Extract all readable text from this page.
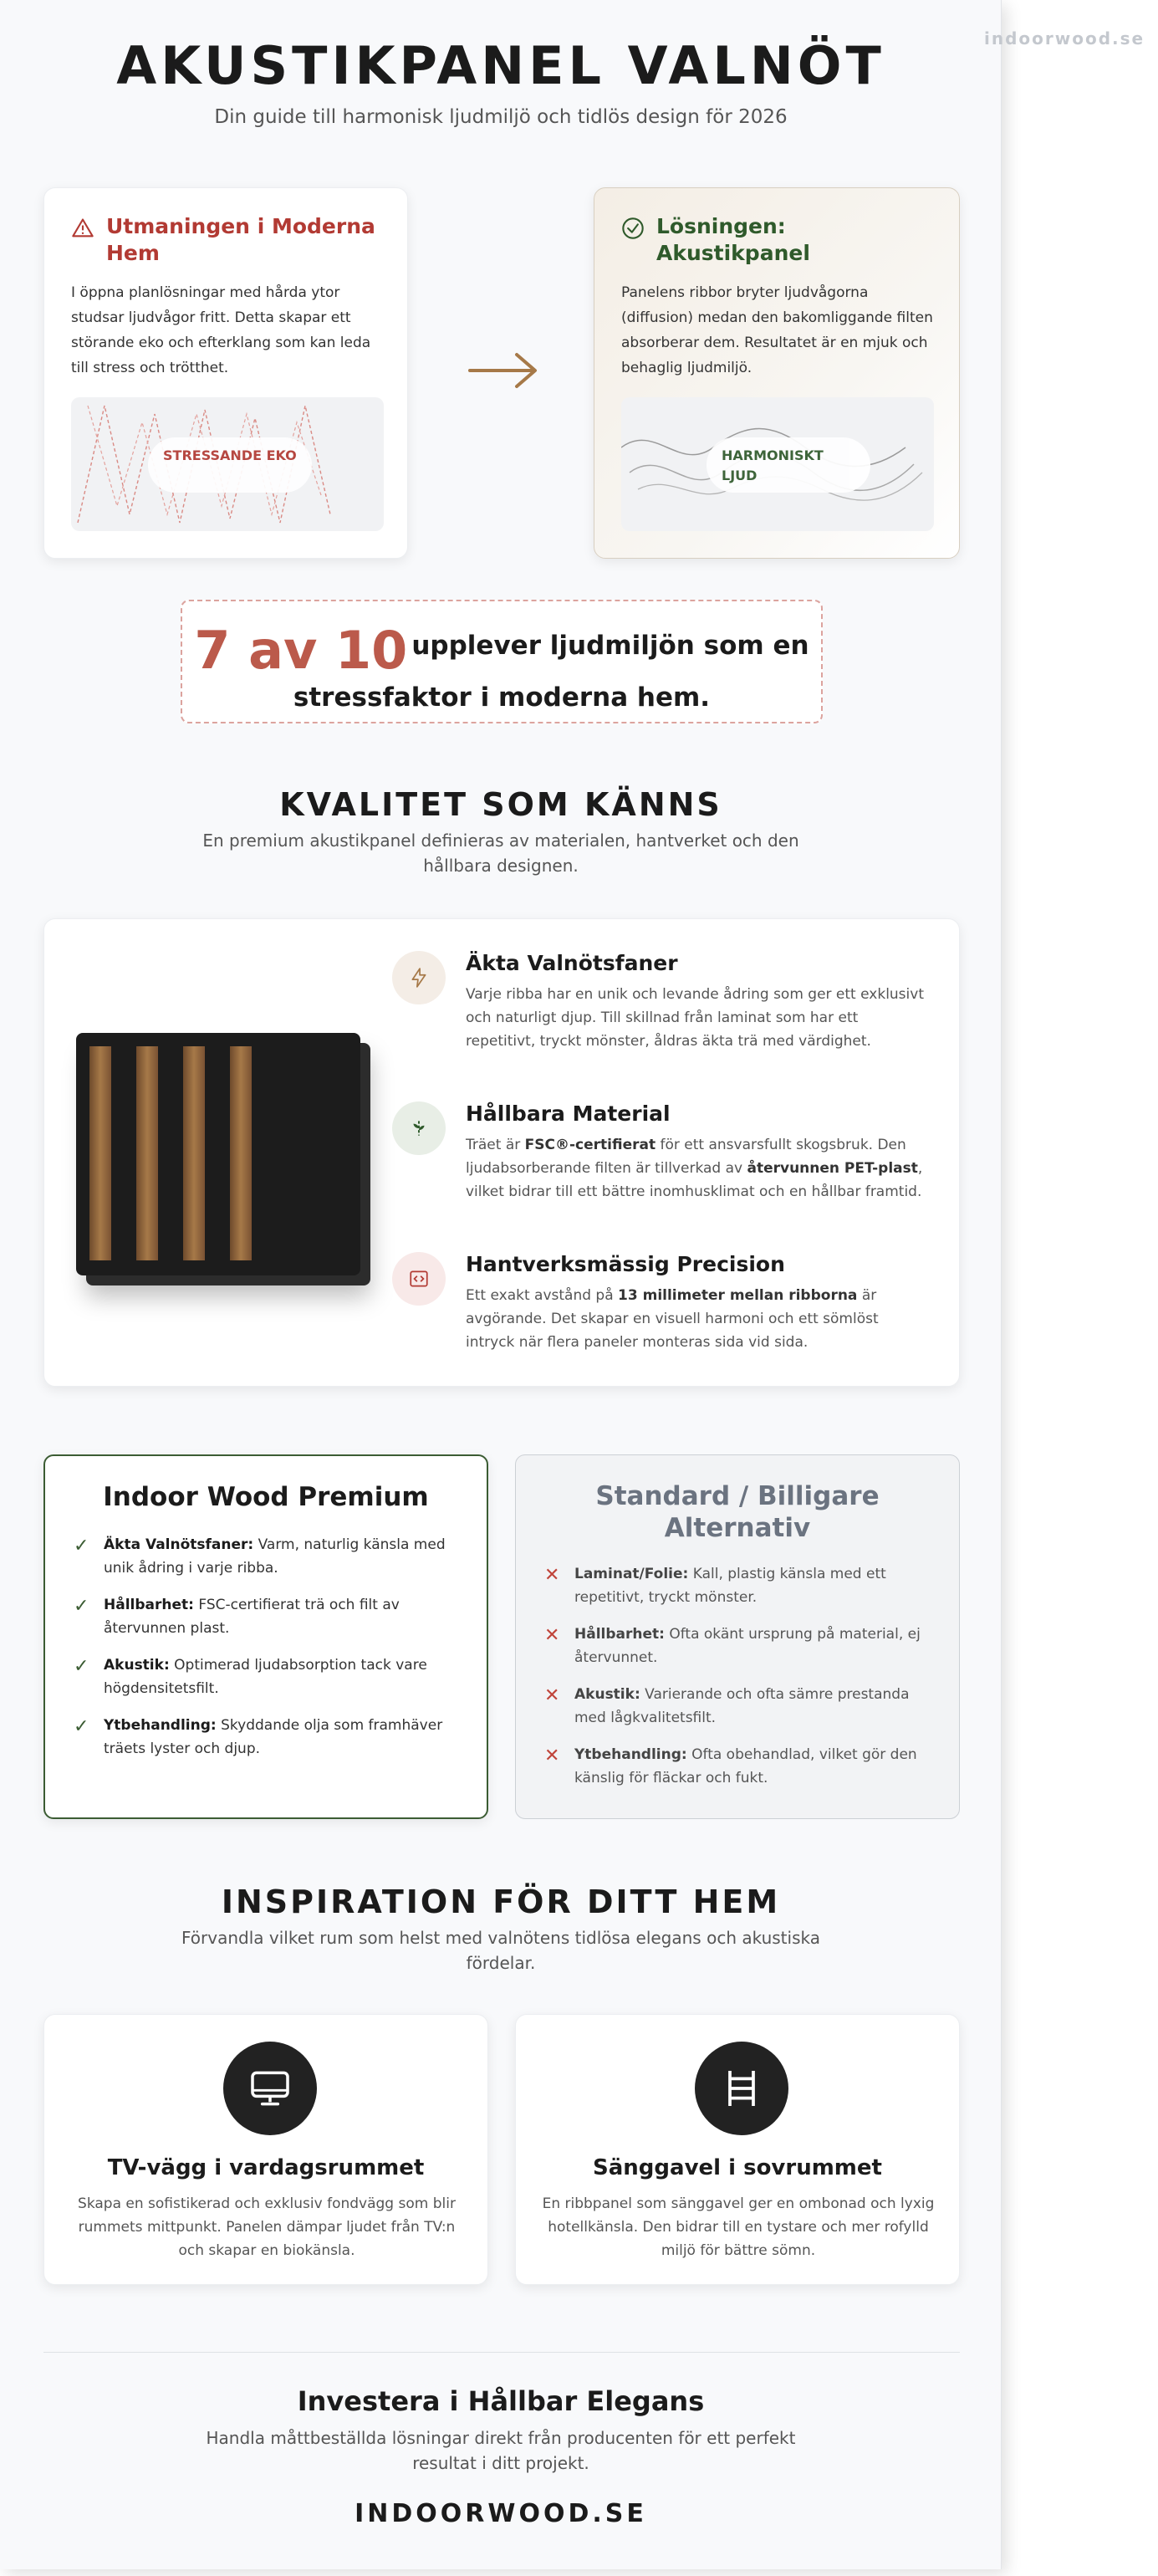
AKUSTIKPANEL VALNÖT
Din guide till harmonisk ljudmiljö och tidlös design för 2026
Utmaningen i Moderna Hem
I öppna planlösningar med hårda ytor studsar ljudvågor fritt. Detta skapar ett störande eko och efterklang som kan leda till stress och trötthet.
STRESSANDE EKO
Lösningen: Akustikpanel
Panelens ribbor bryter ljudvågorna (diffusion) medan den bakomliggande filten absorberar dem. Resultatet är en mjuk och behaglig ljudmiljö.
HARMONISKT LJUD
7 av 10 upplever ljudmiljön som en stressfaktor i moderna hem.
KVALITET SOM KÄNNS
En premium akustikpanel definieras av materialen, hantverket och den hållbara designen.
Äkta Valnötsfaner

Varje ribba har en unik och levande ådring som ger ett exklusivt och naturligt djup. Till skillnad från laminat som har ett repetitivt, tryckt mönster, åldras äkta trä med värdighet.

Hållbara Material

Träet är FSC®-certifierat för ett ansvarsfullt skogsbruk. Den ljudabsorberande filten är tillverkad av återvunnen PET-plast, vilket bidrar till ett bättre inomhusklimat och en hållbar framtid.

Hantverksmässig Precision

Ett exakt avstånd på 13 millimeter mellan ribborna är avgörande. Det skapar en visuell harmoni och ett sömlöst intryck när flera paneler monteras sida vid sida.

Indoor Wood Premium
✓ Äkta Valnötsfaner: Varm, naturlig känsla med unik ådring i varje ribba.
✓ Hållbarhet: FSC-certifierat trä och filt av återvunnen plast.
✓ Akustik: Optimerad ljudabsorption tack vare högdensitetsfilt.
✓ Ytbehandling: Skyddande olja som framhäver träets lyster och djup.
Standard / Billigare Alternativ
✕ Laminat/Folie: Kall, plastig känsla med ett repetitivt, tryckt mönster.
✕ Hållbarhet: Ofta okänt ursprung på material, ej återvunnet.
✕ Akustik: Varierande och ofta sämre prestanda med lågkvalitetsfilt.
✕ Ytbehandling: Ofta obehandlad, vilket gör den känslig för fläckar och fukt.
INSPIRATION FÖR DITT HEM
Förvandla vilket rum som helst med valnötens tidlösa elegans och akustiska fördelar.
TV-vägg i vardagsrummet

Skapa en sofistikerad och exklusiv fondvägg som blir rummets mittpunkt. Panelen dämpar ljudet från TV:n och skapar en biokänsla.

Sänggavel i sovrummet

En ribbpanel som sänggavel ger en ombonad och lyxig hotellkänsla. Den bidrar till en tystare och mer rofylld miljö för bättre sömn.

Investera i Hållbar Elegans
Handla måttbeställda lösningar direkt från producenten för ett perfekt resultat i ditt projekt.
INDOORWOOD.SE
indoorwood.se
